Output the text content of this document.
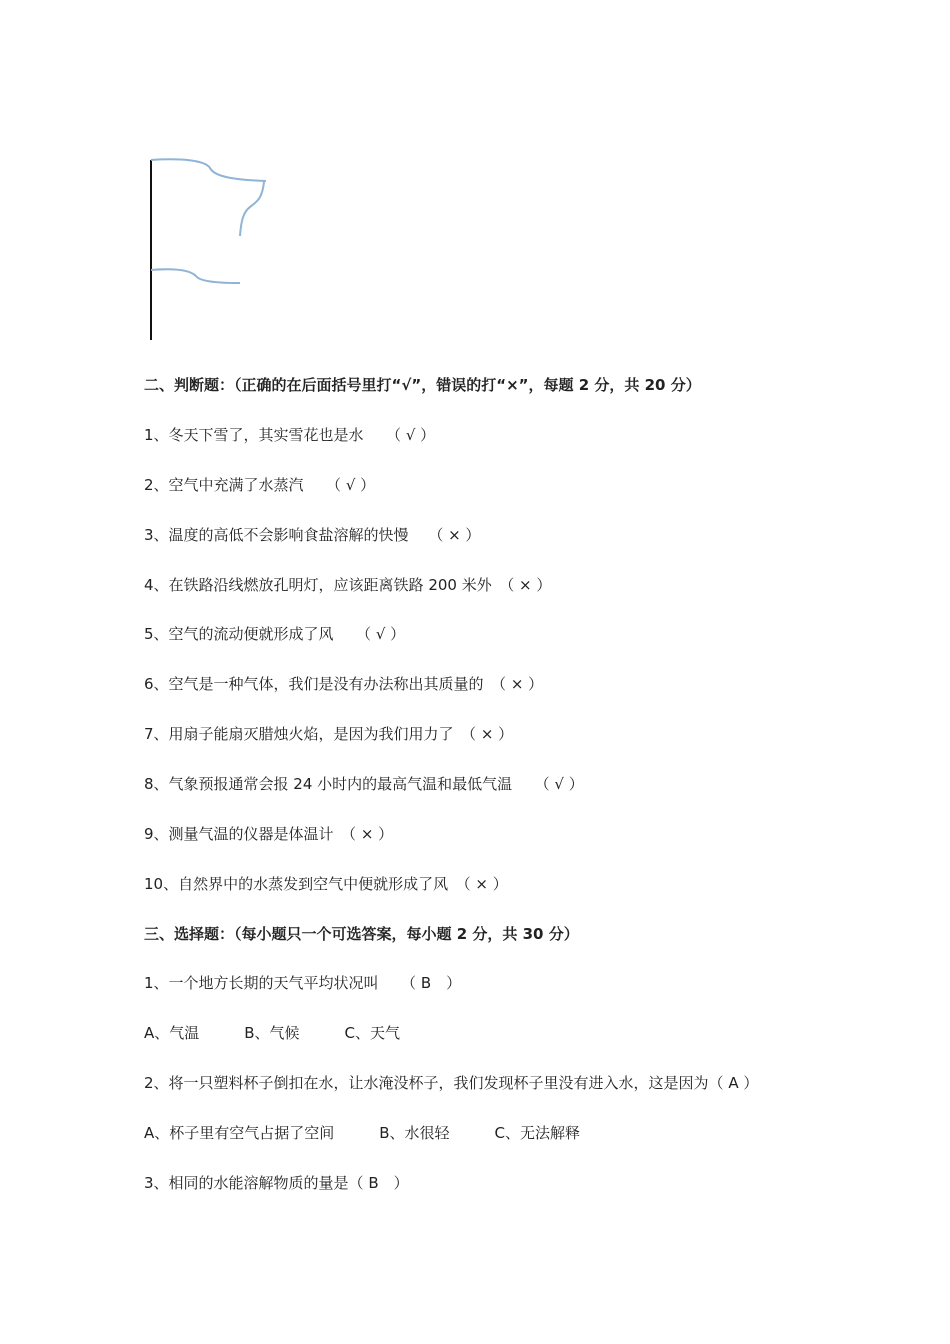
二、判断题：（正确的在后面括号里打“√”，错误的打“×”，每题 2 分，共 20 分）
1、冬天下雪了，其实雪花也是水　　（ √ ）
2、空气中充满了水蒸汽　　（ √ ）
3、温度的高低不会影响食盐溶解的快慢　 （ × ）
4、在铁路沿线燃放孔明灯，应该距离铁路 200 米外　（ × ）
5、空气的流动便就形成了风　　（ √ ）
6、空气是一种气体，我们是没有办法称出其质量的　（ × ）
7、用扇子能扇灭腊烛火焰，是因为我们用力了　（ × ）
8、气象预报通常会报 24 小时内的最高气温和最低气温　　（ √ ）
9、测量气温的仪器是体温计　（ × ）
10、自然界中的水蒸发到空气中便就形成了风　（ × ）
三、选择题：（每小题只一个可选答案，每小题 2 分，共 30 分）
1、一个地方长期的天气平均状况叫　　（ B　）
A、气温　　　B、气候　　　C、天气
2、将一只塑料杯子倒扣在水，让水淹没杯子，我们发现杯子里没有进入水，这是因为（ A ）
A、杯子里有空气占据了空间　　　B、水很轻　　　C、无法解释
3、相同的水能溶解物质的量是（ B　）
